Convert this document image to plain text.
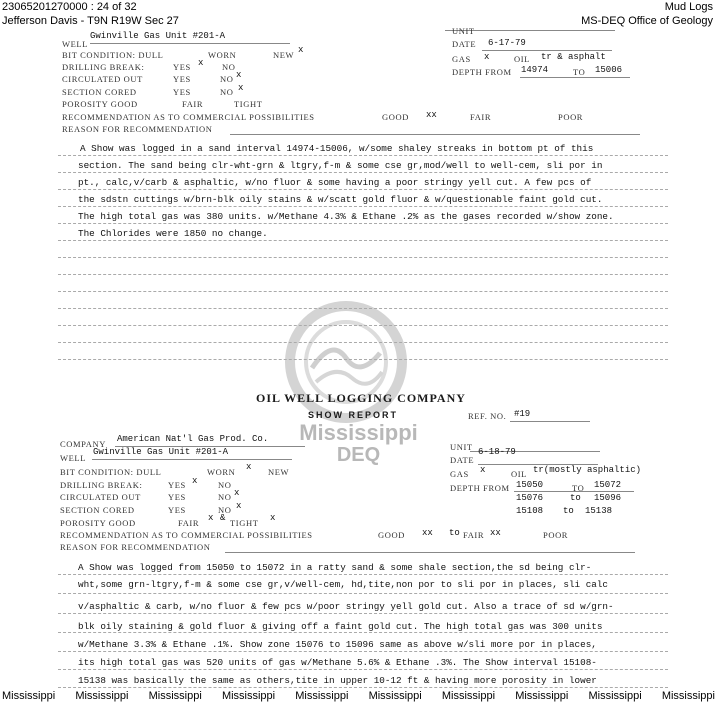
23065201270000 : 24 of 32
Jefferson Davis - T9N R19W Sec 27
Mud Logs
MS-DEQ Office of Geology
Mississippi
DEQ
UNIT
DATE 6-17-79
GAS x	OIL tr & asphalt
DEPTH FROM 14974	TO 15006
WELL
Gwinville Gas Unit #201-A
BIT CONDITION: DULL	WORN	NEW x
DRILLING BREAK:	YES x NO
CIRCULATED OUT	YES	NO x
SECTION CORED	YES	NO x
POROSITY GOOD	FAIR	TIGHT
RECOMMENDATION AS TO COMMERCIAL POSSIBILITIES	GOOD xx	FAIR	POOR
REASON FOR RECOMMENDATION
A Show was logged in a sand interval 14974-15006, w/some shaley streaks in bottom pt of this
section. The sand being clr-wht-grn & ltgry,f-m & some cse gr,mod/well to well-cem, sli por in
pt., calc,v/carb & asphaltic, w/no fluor & some having a poor stringy yell cut. A few pcs of
the sdstn cuttings w/brn-blk oily stains & w/scatt gold fluor & w/questionable faint gold cut.
The high total gas was 380 units. w/Methane 4.3% & Ethane .2% as the gases recorded w/show zone.
The Chlorides were 1850 no change.
OIL WELL LOGGING COMPANY
SHOW REPORT	REF. NO. #19
COMPANY American Nat'l Gas Prod. Co.
WELL
Gwinville Gas Unit #201-A	UNIT
DATE
6-18-79
GAS x	OIL tr(mostly asphaltic)
DEPTH FROM 15050	TO 15072
15076	to 15096
15108 to 15138
BIT CONDITION: DULL	WORN x NEW
DRILLING BREAK:	YES x NO
CIRCULATED OUT	YES	NO x
SECTION CORED	YES	NO x
POROSITY GOOD	FAIR x & TIGHT x
RECOMMENDATION AS TO COMMERCIAL POSSIBILITIES	GOOD xx to FAIR xx	POOR
REASON FOR RECOMMENDATION
A Show was logged from 15050 to 15072 in a ratty sand & some shale section,the sd being clr-
wht,some grn-ltgry,f-m & some cse gr,v/well-cem, hd,tite,non por to sli por in places, sli calc
v/asphaltic & carb, w/no fluor & few pcs w/poor stringy yell gold cut. Also a trace of sd w/grn-
blk oily staining & gold fluor & giving off a faint gold cut. The high total gas was 300 units
w/Methane 3.3% & Ethane .1%. Show zone 15076 to 15096 same as above w/sli more por in places,
its high total gas was 520 units of gas w/Methane 5.6% & Ethane .3%. The Show interval 15108-
15138 was basically the same as others,tite in upper 10-12 ft & having more porosity in lower
Mississippi Mississippi Mississippi Mississippi Mississippi Mississippi Mississippi Mississippi Mississippi Mississippi
